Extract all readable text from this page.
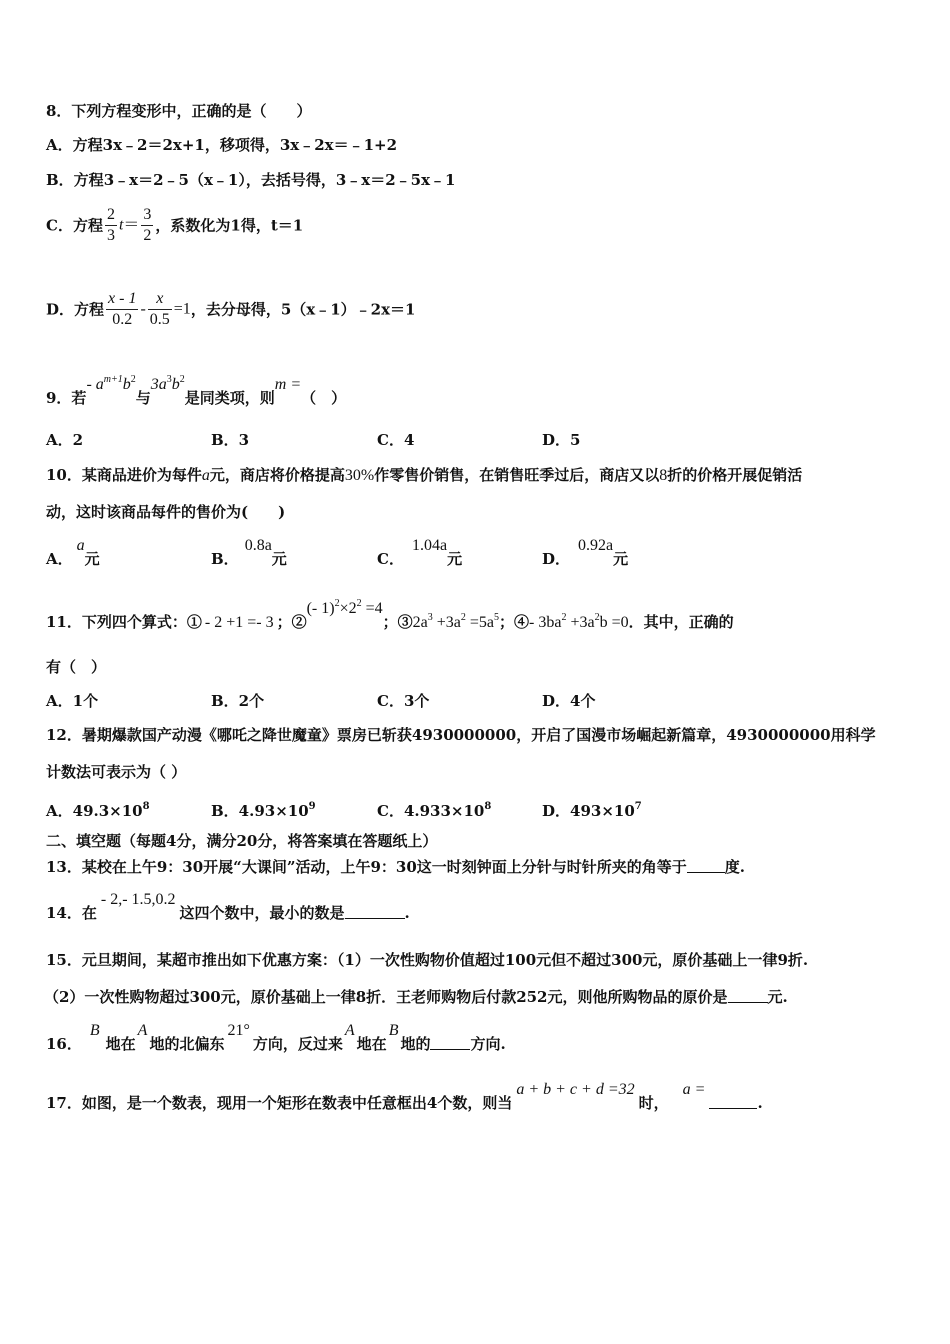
8．下列方程变形中，正确的是（　　）
A．方程3x﹣2＝2x+1，移项得，3x﹣2x＝﹣1+2
B．方程3﹣x＝2﹣5（x﹣1），去括号得，3﹣x＝2﹣5x﹣1
C．方程 $\frac{2}{3} t= \frac{3}{2}$ ，系数化为1得，t＝1
D．方程 $\frac{x - 1}{0.2} - \frac{x}{0.5} =1$，去分母得，5（x﹣1）﹣2x＝1
9．若- $a^{m+1}b^2$与$3a^3b^2$是同类项，则m =（　）
A．2	B．3	C．4	D．5
10．某商品进价为每件a元，商店将价格提高30%作零售价销售，在销售旺季过后，商店又以8折的价格开展促销活
动，这时该商品每件的售价为(　　)
A．a元	B．0.8a元	C．1.04a元	D．0.92a元
11．下列四个算式：① - 2 +1 =- 3 ；②(- $1)^2\times 2^2 =4$；$③2a^3 +3a^2 =5a^5$；④- $3ba^2 +3a^2b =0$．其中，正确的
有（　）
A．1个	B．2个	C．3个	D．4个
12．暑期爆款国产动漫《哪吒之降世魔童》票房已斩获4930000000，开启了国漫市场崛起新篇章，4930000000用科学
计数法可表示为（ ）
A．$49.3\times 10^8$	B．$4.93\times 10^9$	C．$4.933\times 10^8$	D．$493\times 10^7$
二、填空题（每题4分，满分20分，将答案填在答题纸上）
13．某校在上午9：30开展“大课间”活动，上午9：30这一时刻钟面上分针与时针所夹的角等于	度.
14．在- 2,- 1.5,0.2这四个数中，最小的数是	.
15．元旦期间，某超市推出如下优惠方案：（1）一次性购物价值超过100元但不超过300元，原价基础上一律9折.
（2）一次性购物超过300元，原价基础上一律8折．王老师购物后付款252元，则他所购物品的原价是	元.
16．B地在A地的北偏东21°方向，反过来A地在B地的	方向.
17．如图，是一个数表，现用一个矩形在数表中任意框出4个数，则当a + b + c + d =32时，a =.
